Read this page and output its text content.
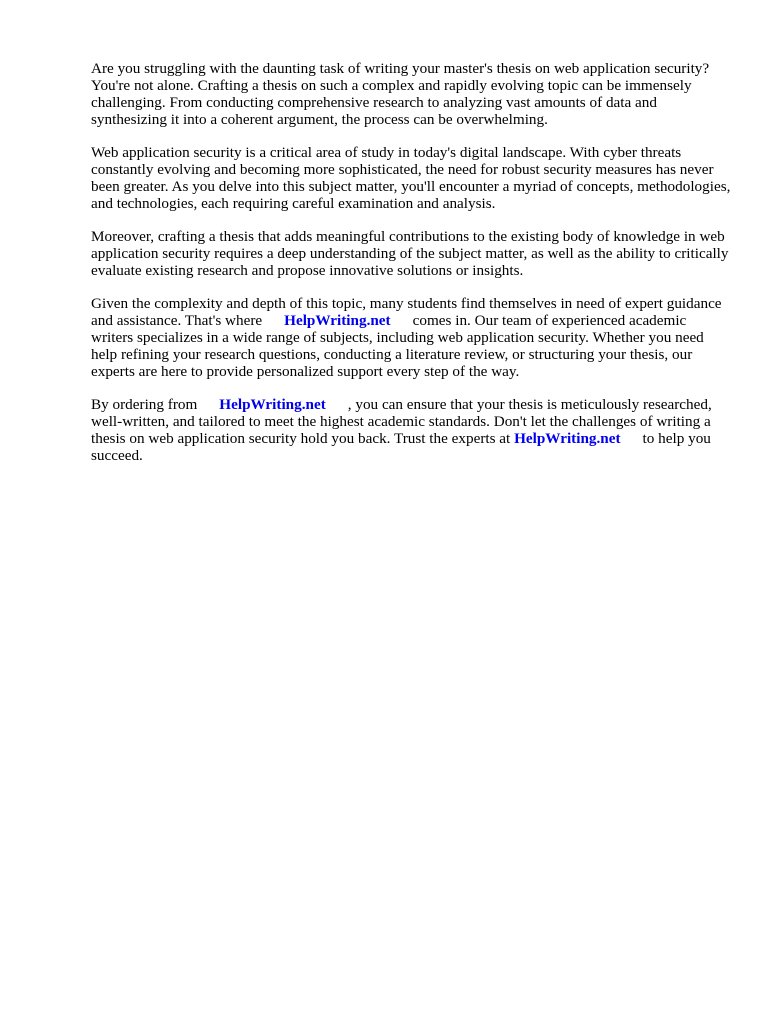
Are you struggling with the daunting task of writing your master's thesis on web application security? You're not alone. Crafting a thesis on such a complex and rapidly evolving topic can be immensely challenging. From conducting comprehensive research to analyzing vast amounts of data and synthesizing it into a coherent argument, the process can be overwhelming.

Web application security is a critical area of study in today's digital landscape. With cyber threats constantly evolving and becoming more sophisticated, the need for robust security measures has never been greater. As you delve into this subject matter, you'll encounter a myriad of concepts, methodologies, and technologies, each requiring careful examination and analysis.

Moreover, crafting a thesis that adds meaningful contributions to the existing body of knowledge in web application security requires a deep understanding of the subject matter, as well as the ability to critically evaluate existing research and propose innovative solutions or insights.

Given the complexity and depth of this topic, many students find themselves in need of expert guidance and assistance. That's where HelpWriting.net comes in. Our team of experienced academic writers specializes in a wide range of subjects, including web application security. Whether you need help refining your research questions, conducting a literature review, or structuring your thesis, our experts are here to provide personalized support every step of the way.

By ordering from HelpWriting.net , you can ensure that your thesis is meticulously researched, well-written, and tailored to meet the highest academic standards. Don't let the challenges of writing a thesis on web application security hold you back. Trust the experts at HelpWriting.net to help you succeed.
